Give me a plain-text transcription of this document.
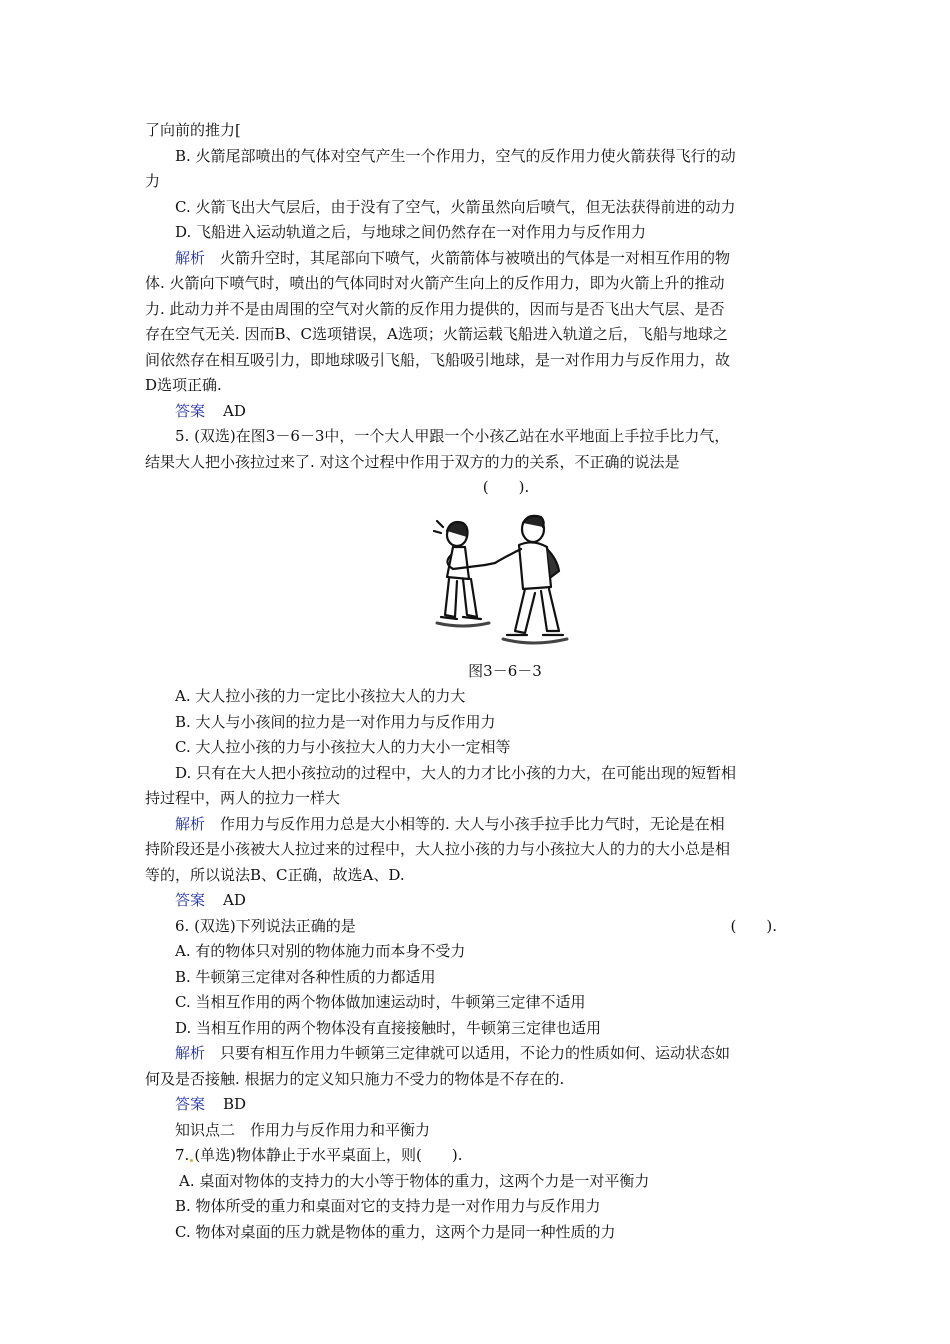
了向前的推力[
B. 火箭尾部喷出的气体对空气产生一个作用力，空气的反作用力使火箭获得飞行的动
力
C. 火箭飞出大气层后，由于没有了空气，火箭虽然向后喷气，但无法获得前进的动力
D. 飞船进入运动轨道之后，与地球之间仍然存在一对作用力与反作用力
解析　 火箭升空时，其尾部向下喷气，火箭箭体与被喷出的气体是一对相互作用的物
体. 火箭向下喷气时，喷出的气体同时对火箭产生向上的反作用力，即为火箭上升的推动
力. 此动力并不是由周围的空气对火箭的反作用力提供的，因而与是否飞出大气层、是否
存在空气无关. 因而B、C选项错误，A选项；火箭运载飞船进入轨道之后，飞船与地球之
间依然存在相互吸引力，即地球吸引飞船，飞船吸引地球，是一对作用力与反作用力，故
D选项正确.
答案 AD
5. (双选)在图3－6－3中，一个大人甲跟一个小孩乙站在水平地面上手拉手比力气，
结果大人把小孩拉过来了. 对这个过程中作用于双方的力的关系，不正确的说法是
(　　).
图3－6－3
A. 大人拉小孩的力一定比小孩拉大人的力大
B. 大人与小孩间的拉力是一对作用力与反作用力
C. 大人拉小孩的力与小孩拉大人的力大小一定相等
D. 只有在大人把小孩拉动的过程中，大人的力才比小孩的力大，在可能出现的短暂相
持过程中，两人的拉力一样大
解析　 作用力与反作用力总是大小相等的. 大人与小孩手拉手比力气时，无论是在相
持阶段还是小孩被大人拉过来的过程中，大人拉小孩的力与小孩拉大人的力的大小总是相
等的，所以说法B、C正确，故选A、D.
答案 AD
6. (双选)下列说法正确的是	(　　).
A. 有的物体只对别的物体施力而本身不受力
B. 牛顿第三定律对各种性质的力都适用
C. 当相互作用的两个物体做加速运动时，牛顿第三定律不适用
D. 当相互作用的两个物体没有直接接触时，牛顿第三定律也适用
解析　 只要有相互作用力牛顿第三定律就可以适用，不论力的性质如何、运动状态如
何及是否接触. 根据力的定义知只施力不受力的物体是不存在的.
答案 BD
知识点二　作用力与反作用力和平衡力
7. (单选)物体静止于水平桌面上，则(　　).
A. 桌面对物体的支持力的大小等于物体的重力，这两个力是一对平衡力
B. 物体所受的重力和桌面对它的支持力是一对作用力与反作用力
C. 物体对桌面的压力就是物体的重力，这两个力是同一种性质的力
